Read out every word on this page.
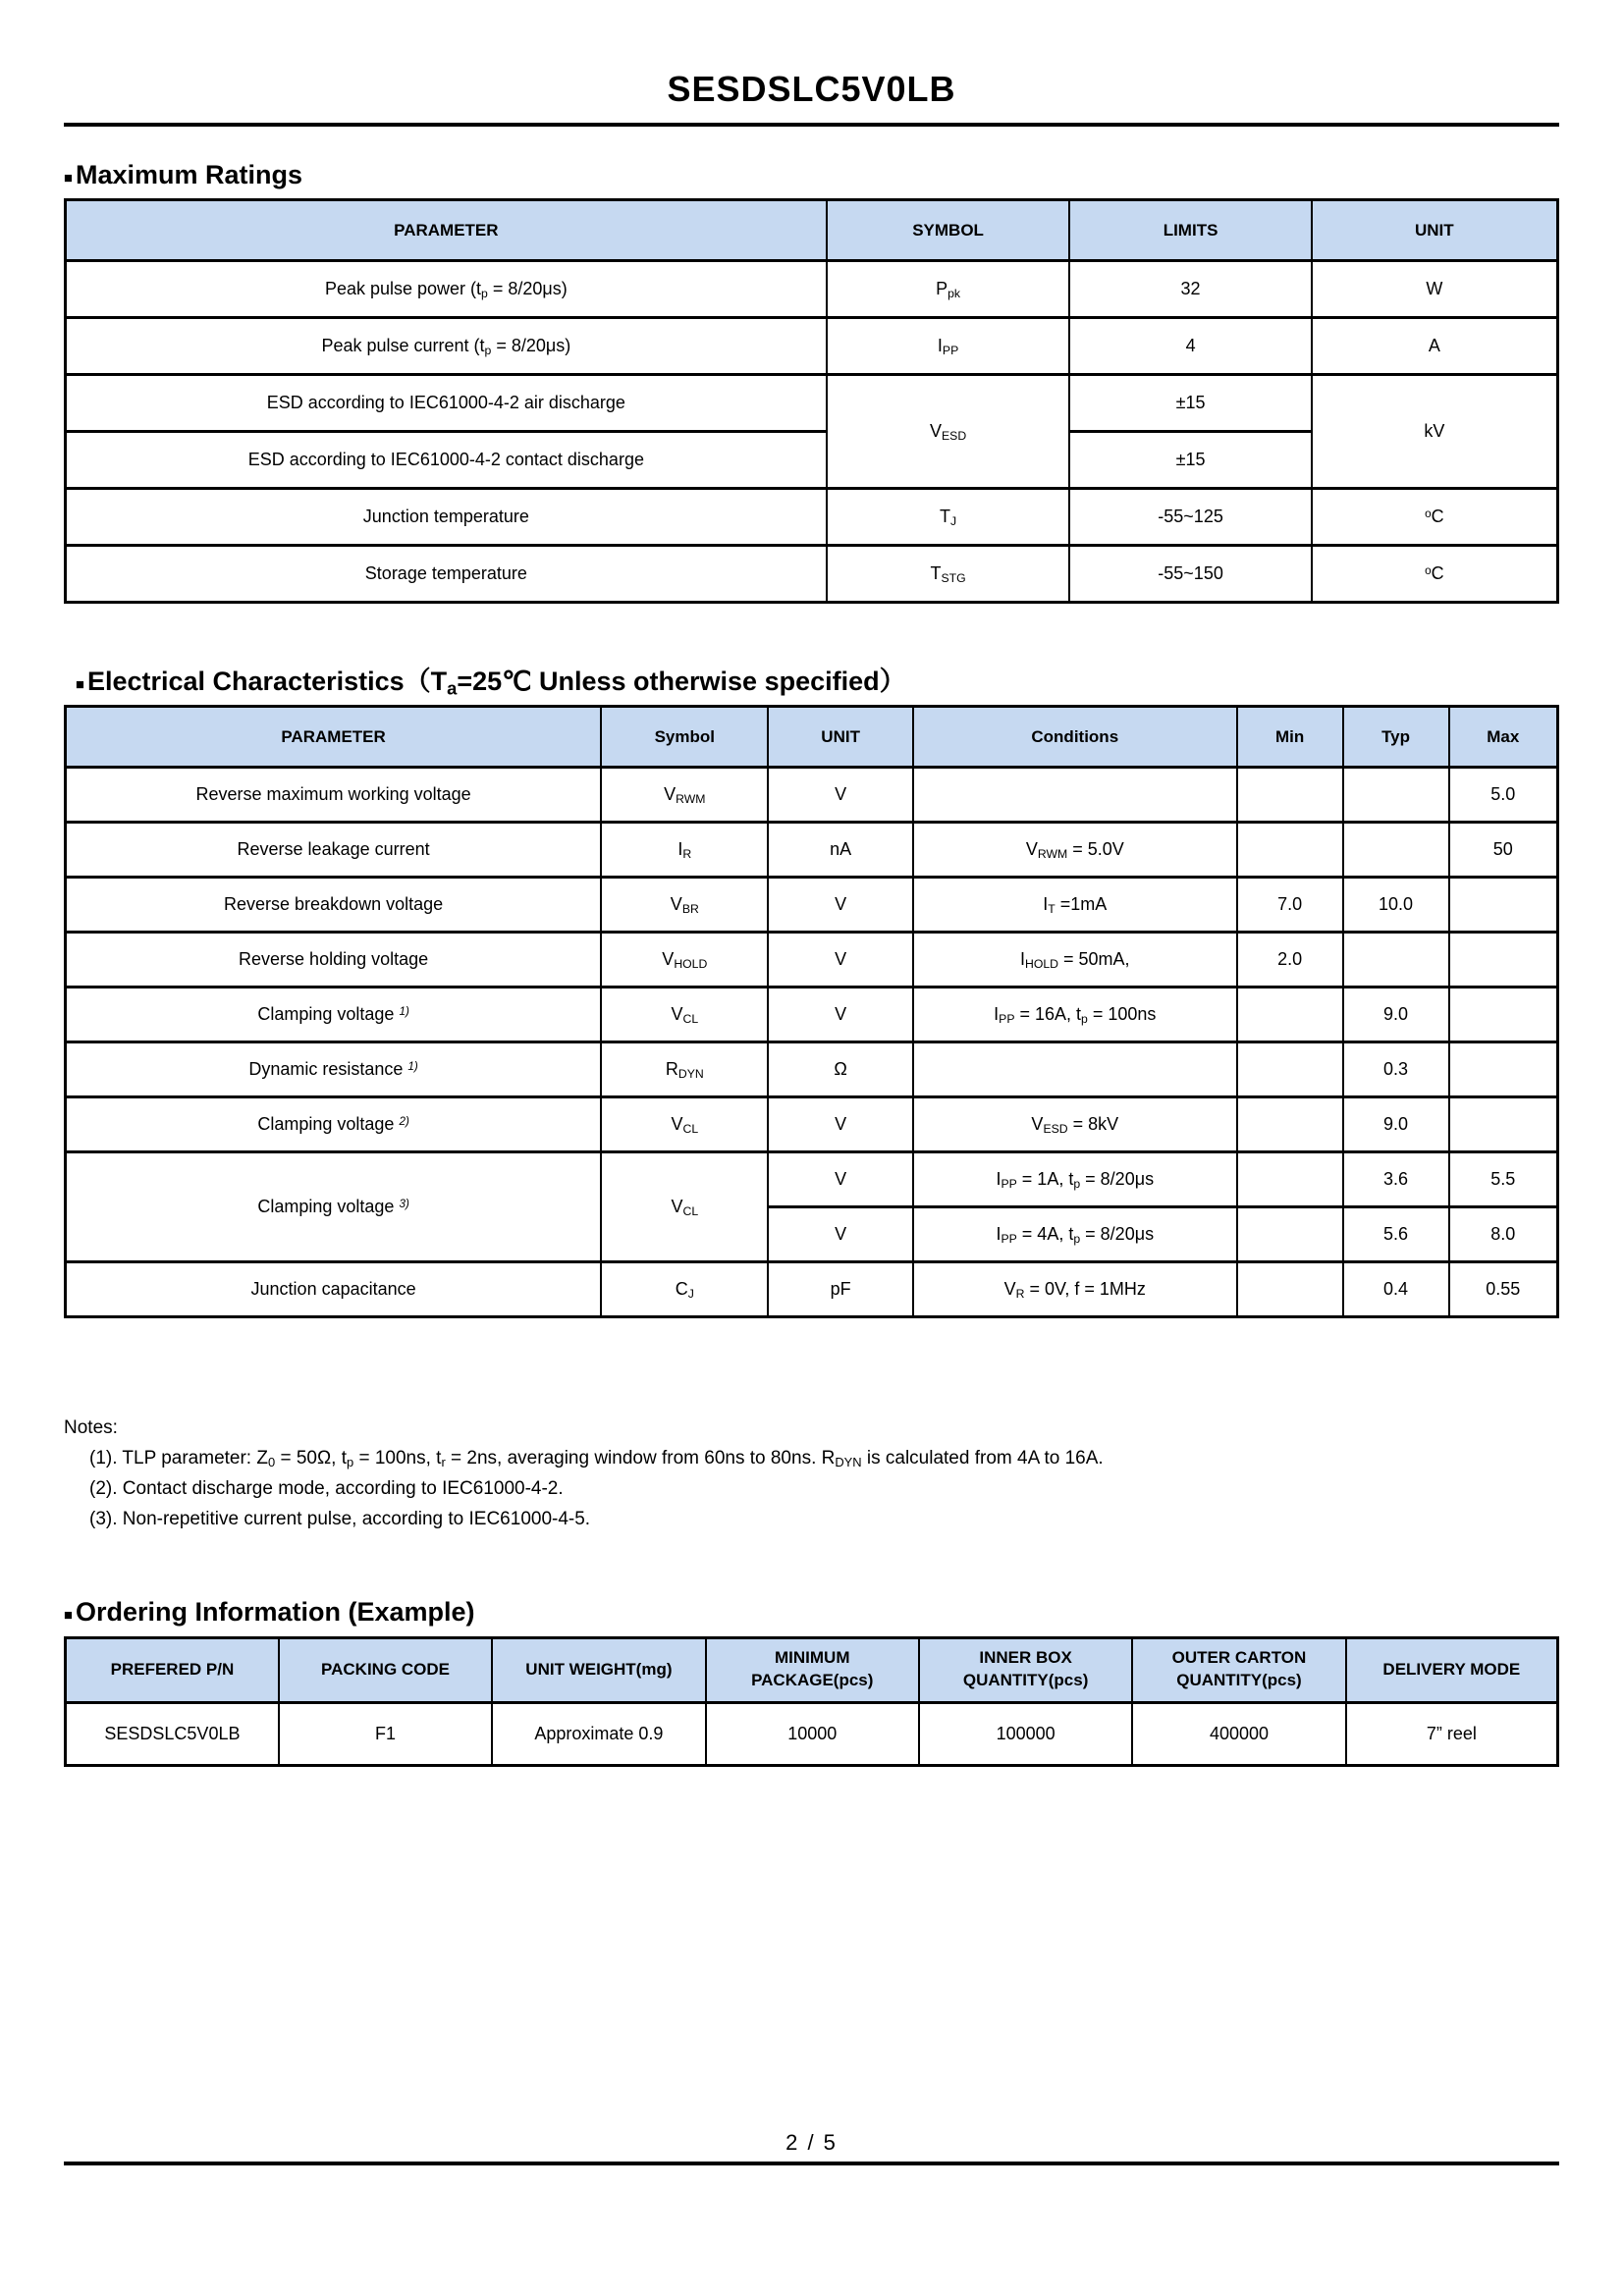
SESDSLC5V0LB
■ Maximum Ratings
PARAMETER	SYMBOL	LIMITS	UNIT
Peak pulse power $(t_p = 8/20\mu s)$	$P_{pk}$	32	W
Peak pulse current $(t_p = 8/20\mu s)$	$I_{PP}$	4	A
ESD according to IEC61000-4-2 air discharge	$V_{ESD}$	±15	kV
ESD according to IEC61000-4-2 contact discharge		±15	
Junction temperature	$T_J$	-55~125	$^o$C
Storage temperature	$T_{STG}$	-55~150	$^o$C
■ Electrical $Characteristics(T_a=25℃$ Unless otherwise specified）
PARAMETER	Symbol	UNIT	Conditions	Min	Typ	Max
Reverse maximum working voltage	$V_{RWM}$	V				5.0
Reverse leakage current	$I_R$	nA	$V_{RWM} = 5.0V$			50
Reverse breakdown voltage	$V_{BR}$	V	$I_T =1mA$	7.0	10.0	
Reverse holding voltage	$V_{HOLD}$	V	$I_{HOLD} = 50mA$,	2.0		
Clamping voltage $^{1)}$	$V_{CL}$	V	$I_{PP} = 16A$, $t_p = 100ns$		9.0	
Dynamic resistance $^{1)}$	$R_{DYN}$	Ω			0.3	
Clamping voltage $^{2)}$	$V_{CL}$	V	$V_{ESD} = 8kV$		9.0	
Clamping voltage $^{3)}$	$V_{CL}$	V	$I_{PP} = 1A$, $t_p = 8/20\mu s$		3.6	5.5
		V	$I_{PP} = 4A$, $t_p = 8/20\mu s$		5.6	8.0
Junction capacitance	$C_J$	pF	$V_R = 0V$, f = 1MHz		0.4	0.55
Notes:
(1). TLP parameter: $Z_0 = 50\Omega$, $t_p = 100ns$, $t_r = 2ns$, averaging window from 60ns to 80ns. $R_{DYN}$ is calculated from 4A to 16A.
(2). Contact discharge mode, according to IEC61000-4-2.
(3). Non-repetitive current pulse, according to IEC61000-4-5.
■ Ordering Information (Example)
PREFERED P/N	PACKING CODE	UNIT WEIGHT(mg)	MINIMUM PACKAGE(pcs)	INNER BOX QUANTITY(pcs)	OUTER CARTON QUANTITY(pcs)	DELIVERY MODE
SESDSLC5V0LB	F1	Approximate 0.9	10000	100000	400000	7” reel
2 / 5
